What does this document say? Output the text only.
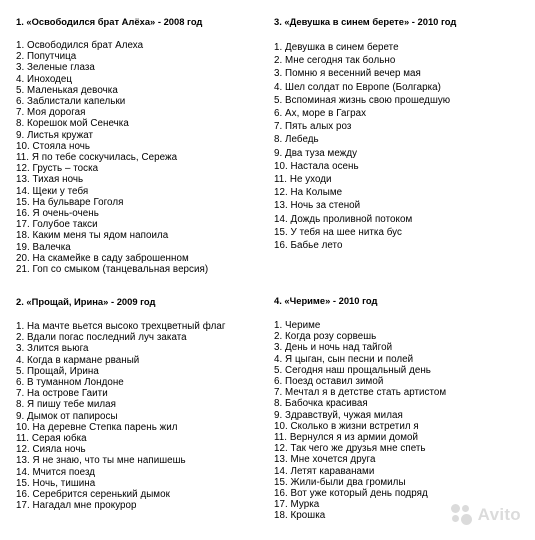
1. «Освободился брат Алёха» - 2008 год
1. Освободился брат Алеха
2. Попутчица
3. Зеленые глаза
4. Иноходец
5. Маленькая девочка
6. Заблистали капельки
7. Моя дорогая
8. Корешок мой Сенечка
9. Листья кружат
10. Стояла ночь
11. Я по тебе соскучилась, Сережа
12. Грусть – тоска
13. Тихая ночь
14. Щеки у тебя
15. На бульваре Гоголя
16. Я очень-очень
17. Голубое такси
18. Каким меня ты ядом напоила
19. Валечка
20. На скамейке в саду заброшенном
21. Гоп со смыком (танцевальная версия)
2. «Прощай, Ирина» - 2009 год
1. На мачте вьется высоко трехцветный флаг
2. Вдали погас последний луч заката
3. Злится вьюга
4. Когда в кармане рваный
5. Прощай, Ирина
6. В туманном Лондоне
7. На острове Гаити
8. Я пишу тебе милая
9. Дымок от папиросы
10. На деревне Степка парень жил
11. Серая юбка
12. Сияла ночь
13. Я не знаю, что ты мне напишешь
14. Мчится поезд
15. Ночь, тишина
16. Серебрится серенький дымок
17. Нагадал мне прокурор
3. «Девушка в синем берете» - 2010 год
1. Девушка в синем берете
2. Мне сегодня так больно
3. Помню я весенний вечер мая
4. Шел солдат по Европе (Болгарка)
5. Вспоминая жизнь свою прошедшую
6. Ах, море в Гаграх
7. Пять алых роз
8. Лебедь
9. Два туза между
10. Настала осень
11. Не уходи
12. На Колыме
13. Ночь за стеной
14. Дождь проливной потоком
15. У тебя на шее нитка бус
16. Бабье лето
4. «Чериме» - 2010 год
1. Чериме
2. Когда розу сорвешь
3. День и ночь над тайгой
4. Я цыган, сын песни и полей
5. Сегодня наш прощальный день
6. Поезд оставил зимой
7. Мечтал я в детстве стать артистом
8. Бабочка красивая
9. Здравствуй, чужая милая
10. Сколько в жизни встретил я
11. Вернулся я из армии домой
12. Так чего же друзья мне спеть
13. Мне хочется друга
14. Летят караванами
15. Жили-были два громилы
16. Вот уже который день подряд
17. Мурка
18. Крошка	Avito
